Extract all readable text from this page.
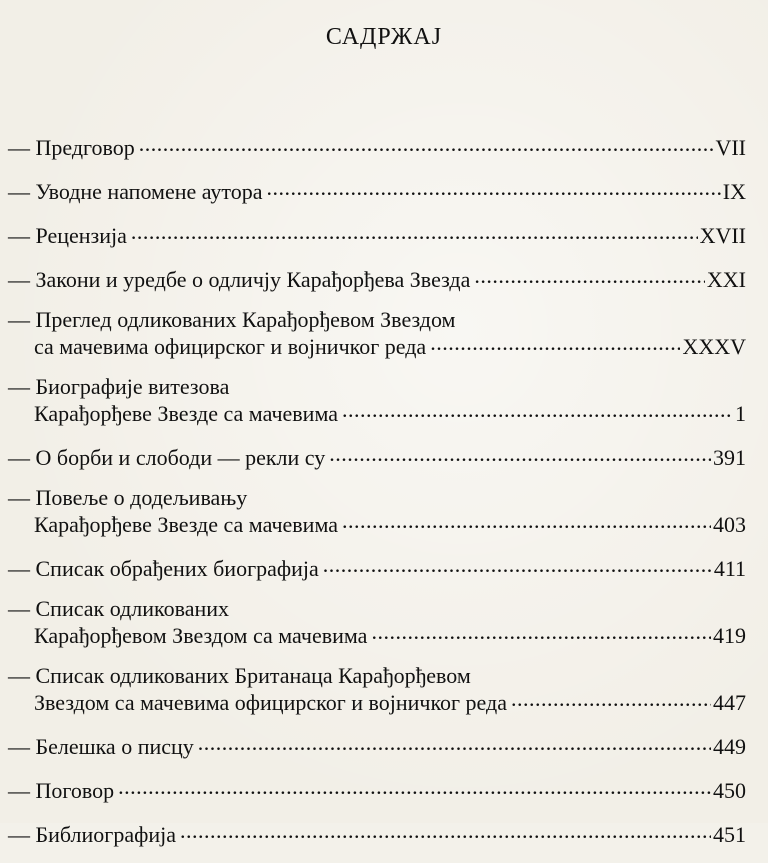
САДРЖАЈ
— Предговор . . .	VII
— Уводне напомене аутора . . .	IX
— Рецензија . . .	XVII
— Закони и уредбе о одличју Карађорђева Звезда . . .	XXI
— Преглед одликованих Карађорђевом Звездом
са мачевима официрског и војничког реда . . .	XXXV
— Биографије витезова
Карађорђеве Звезде са мачевима . . .	1
— О борби и слободи — рекли су . . .	391
— Повеље о додељивању
Карађорђеве Звезде са мачевима . . .	403
— Списак обрађених биографија . . .	411
— Списак одликованих
Карађорђевом Звездом са мачевима . . .	419
— Списак одликованих Британаца Карађорђевом
Звездом са мачевима официрског и војничког реда . . .	447
— Белешка о писцу . . .	449
— Поговор . . .	450
— Библиографија . . .	451
